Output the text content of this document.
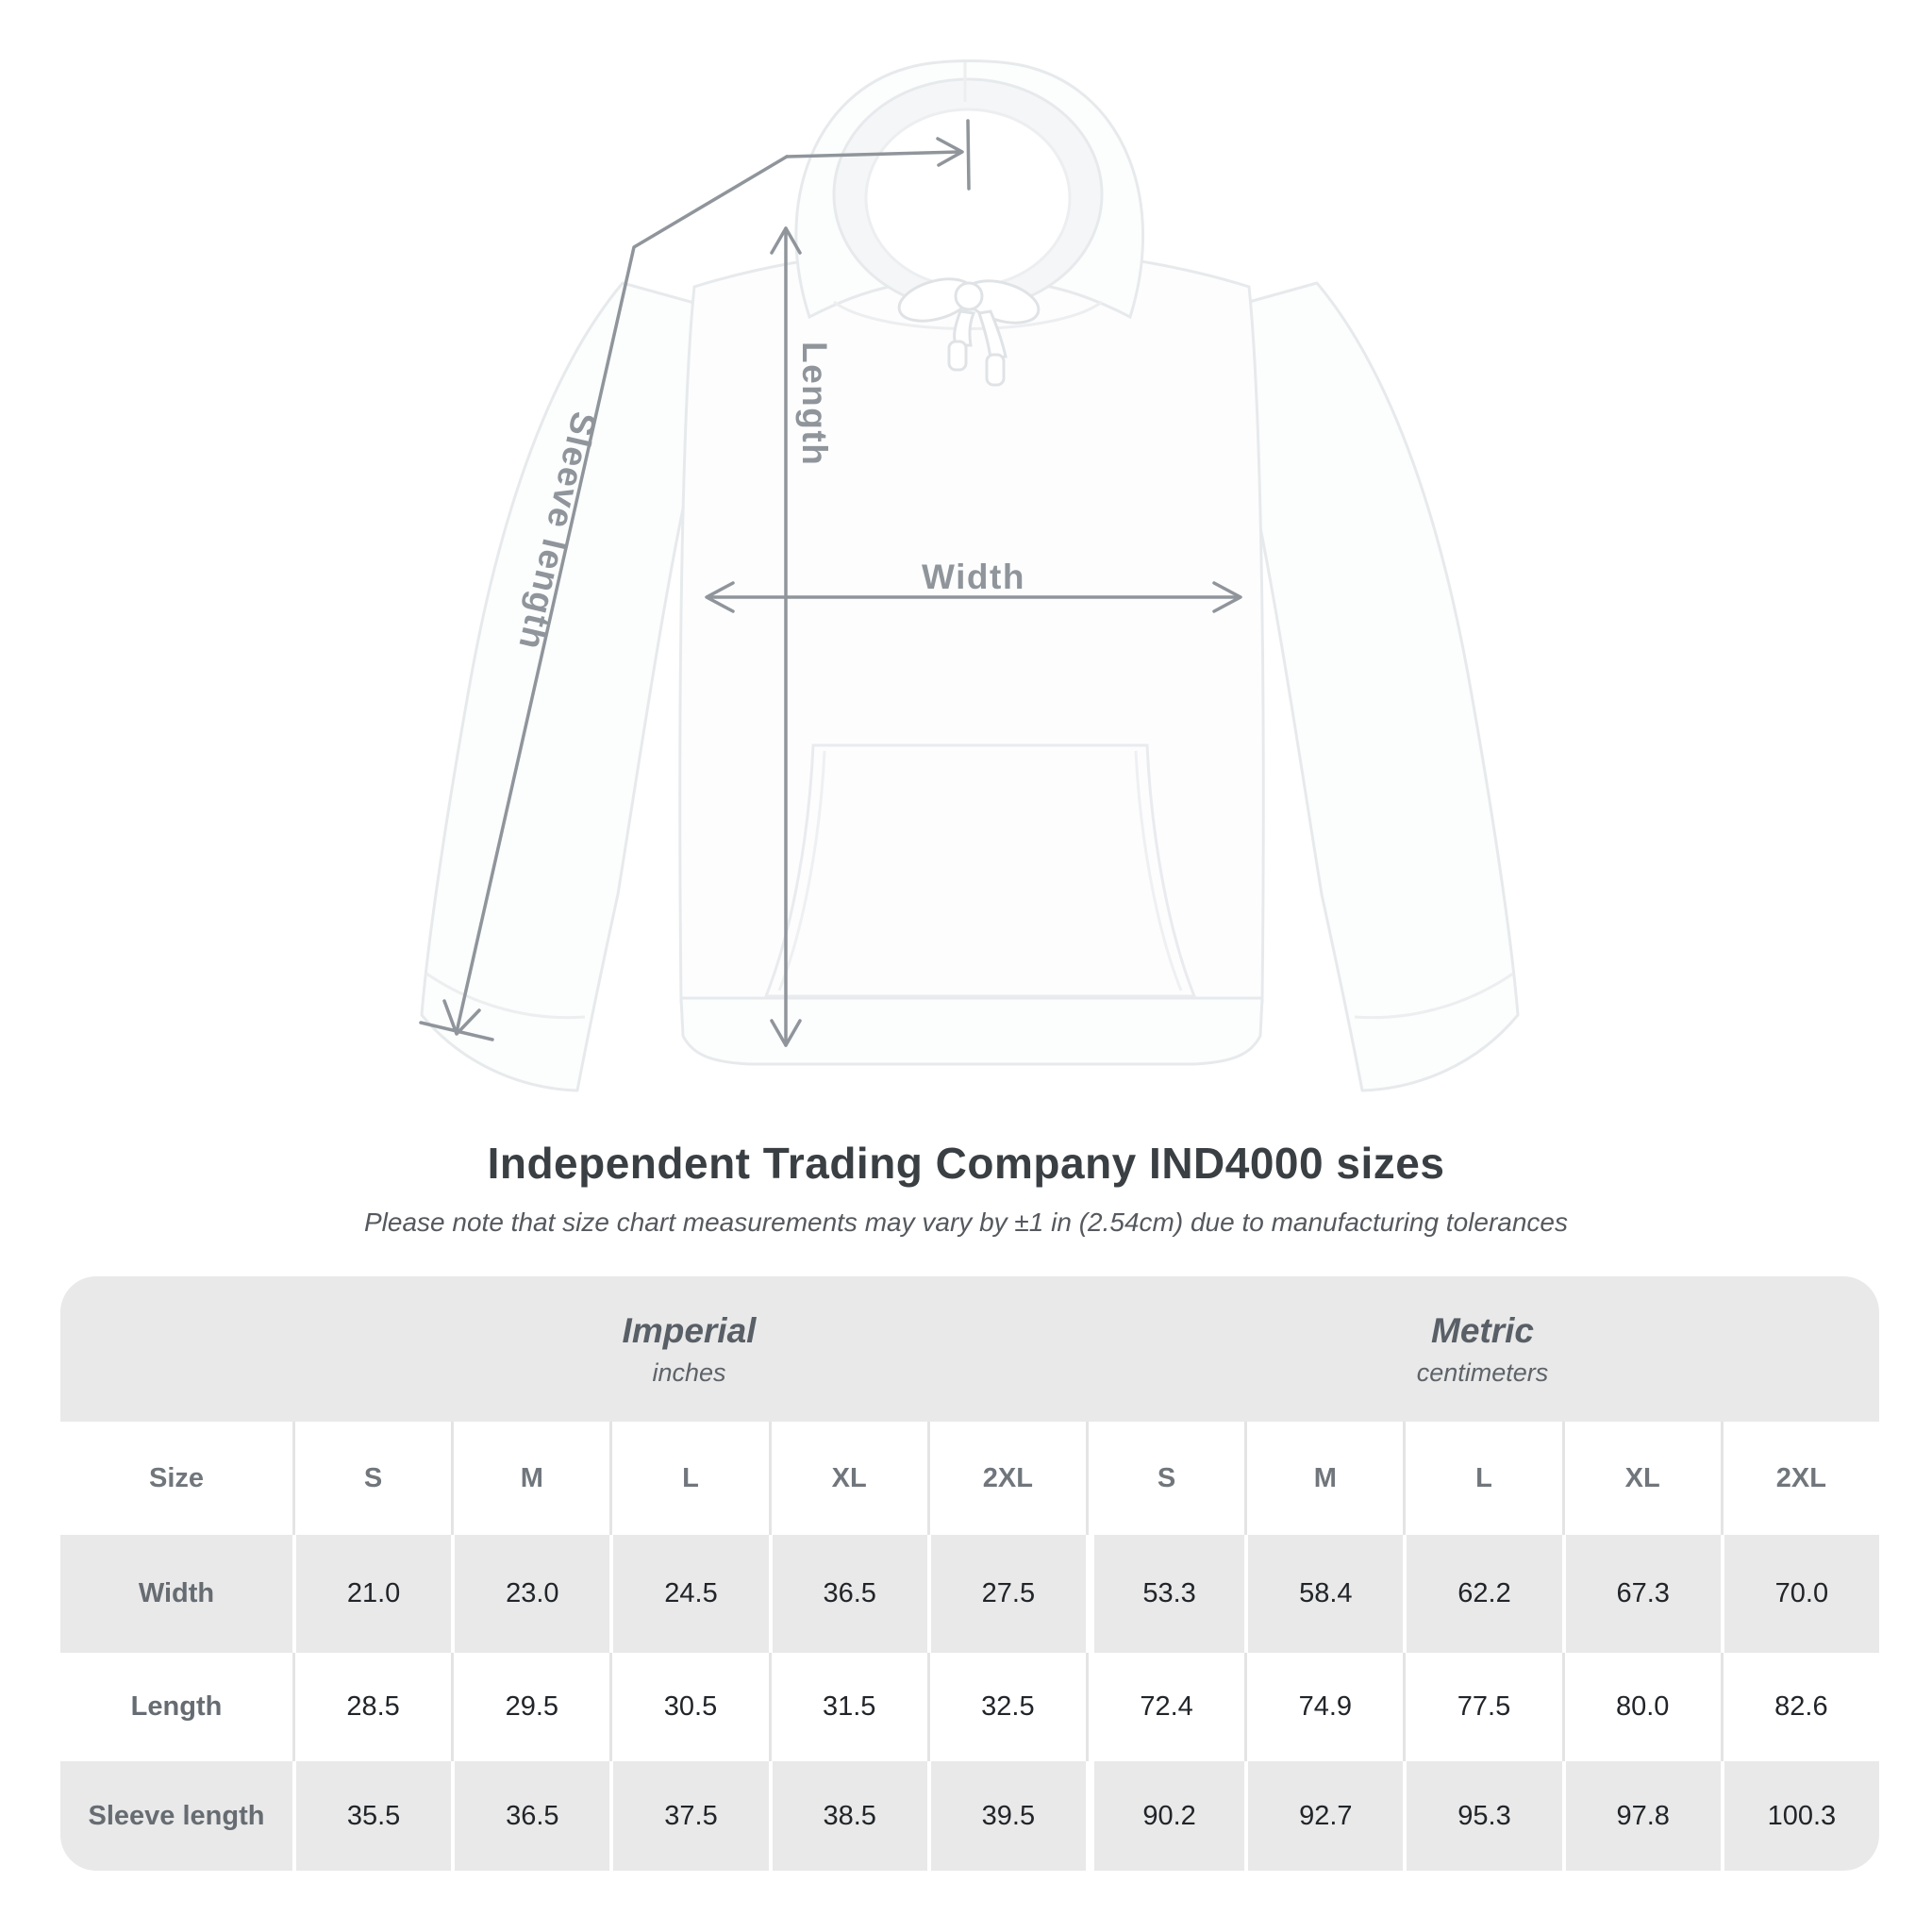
Length
Sleeve length	Width
Independent Trading Company IND4000 sizes
Please note that size chart measurements may vary by ±1 in (2.54cm) due to manufacturing tolerances
Imperial
inches
Metric
centimeters
Size	S	M	L	XL	2XL	S	M	L	XL	2XL
Width	21.0	23.0	24.5	36.5	27.5	53.3	58.4	62.2	67.3	70.0
Length	28.5	29.5	30.5	31.5	32.5	72.4	74.9	77.5	80.0	82.6
Sleeve length	35.5	36.5	37.5	38.5	39.5	90.2	92.7	95.3	97.8	100.3
